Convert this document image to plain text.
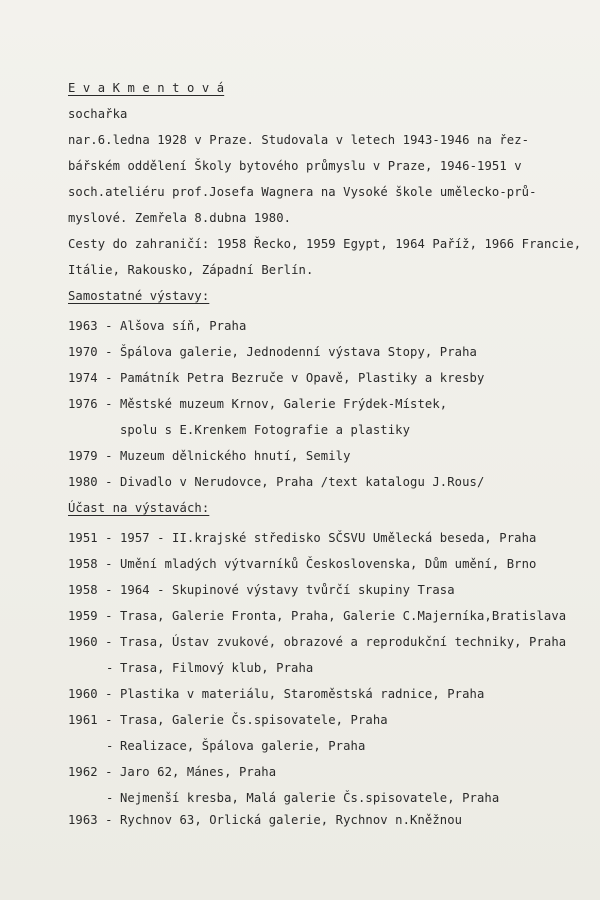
E v a K m e n t o v á
sochařka
nar.6.ledna 1928 v Praze. Studovala v letech 1943-1946 na řez-
bářském oddělení Školy bytového průmyslu v Praze, 1946-1951 v
soch.ateliéru prof.Josefa Wagnera na Vysoké škole umělecko-prů-
myslové. Zemřela 8.dubna 1980.
Cesty do zahraničí: 1958 Řecko, 1959 Egypt, 1964 Paříž, 1966 Francie,
Itálie, Rakousko, Západní Berlín.
Samostatné výstavy:
1963 - Alšova síň, Praha
1970 - Špálova galerie, Jednodenní výstava Stopy, Praha
1974 - Památník Petra Bezruče v Opavě, Plastiky a kresby
1976 - Městské muzeum Krnov, Galerie Frýdek-Místek,
spolu s E.Krenkem Fotografie a plastiky
1979 - Muzeum dělnického hnutí, Semily
1980 - Divadlo v Nerudovce, Praha /text katalogu J.Rous/
Účast na výstavách:
1951 - 1957 - II.krajské středisko SČSVU Umělecká beseda, Praha
1958 - Umění mladých výtvarníků Československa, Dům umění, Brno
1958 - 1964 - Skupinové výstavy tvůrčí skupiny Trasa
1959 - Trasa, Galerie Fronta, Praha, Galerie C.Majerníka,Bratislava
1960 - Trasa, Ústav zvukové, obrazové a reprodukční techniky, Praha
- Trasa, Filmový klub, Praha
1960 - Plastika v materiálu, Staroměstská radnice, Praha
1961 - Trasa, Galerie Čs.spisovatele, Praha
- Realizace, Špálova galerie, Praha
1962 - Jaro 62, Mánes, Praha
- Nejmenší kresba, Malá galerie Čs.spisovatele, Praha
1963 - Rychnov 63, Orlická galerie, Rychnov n.Kněžnou
